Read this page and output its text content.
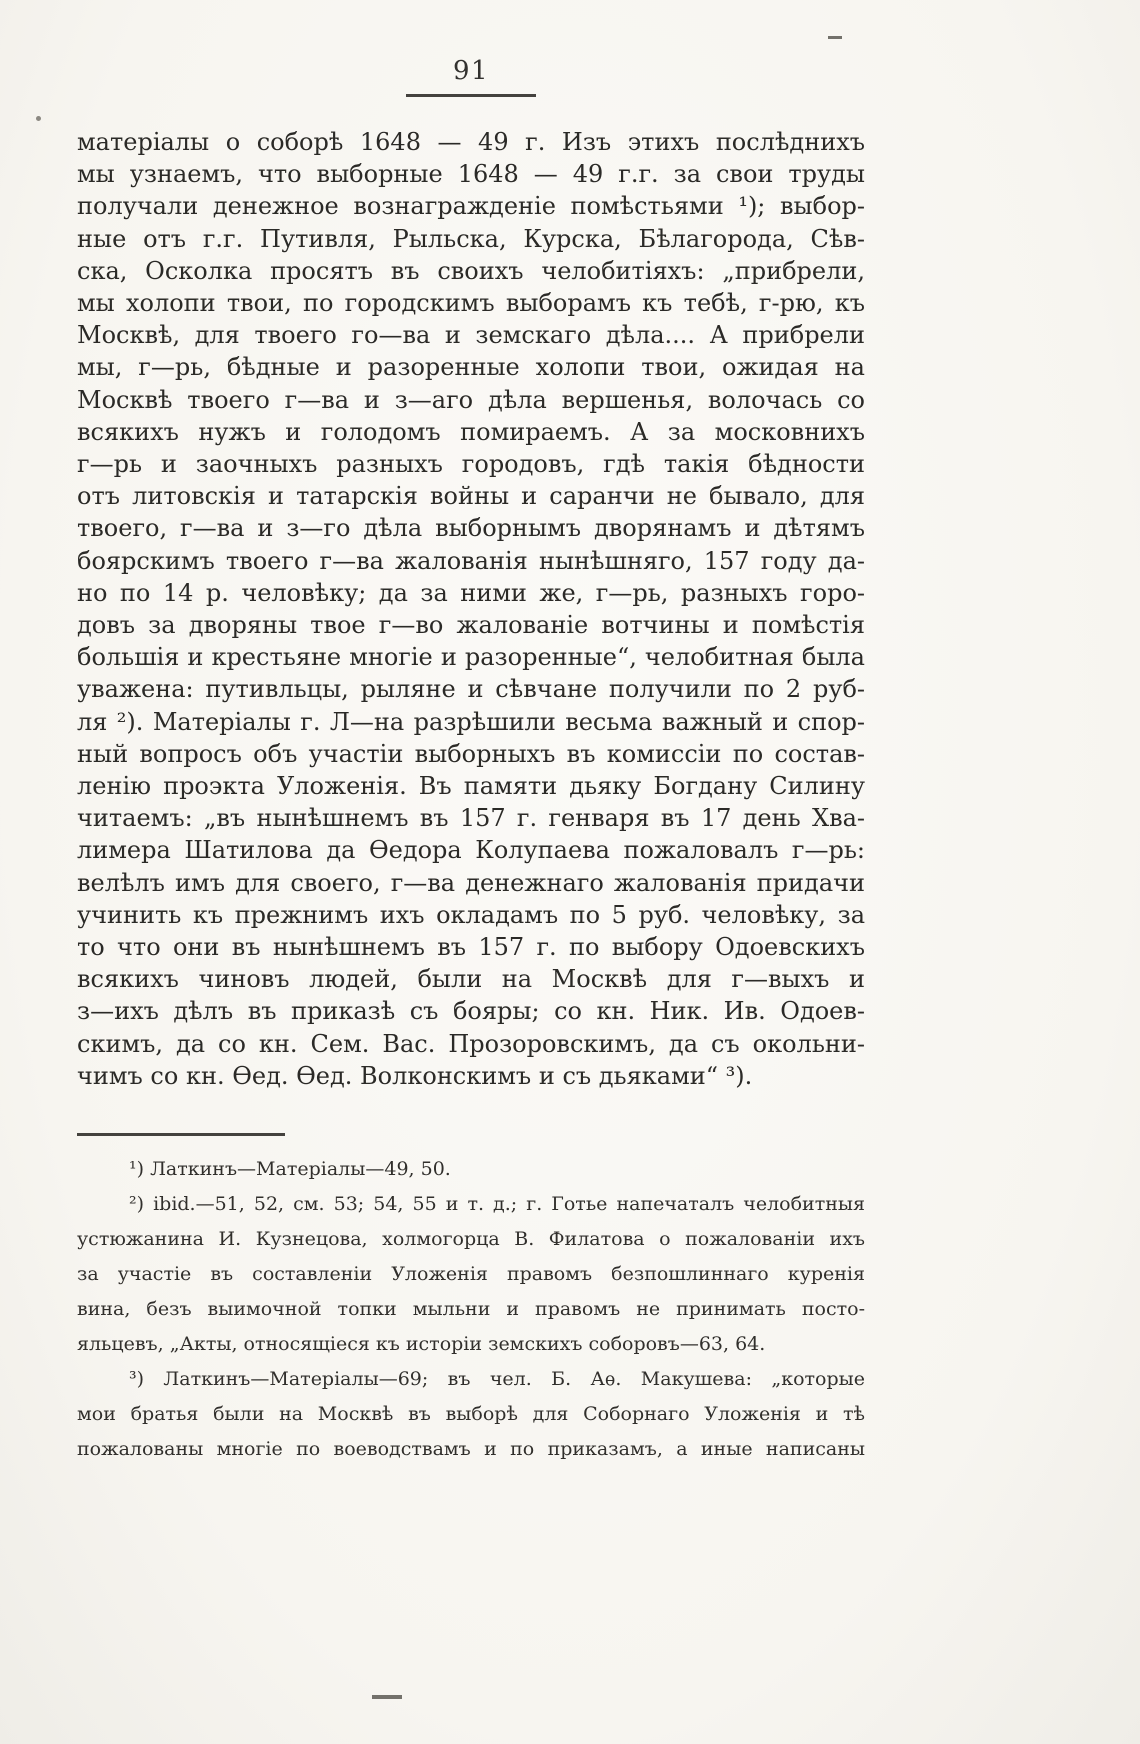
91
матеріалы о соборѣ 1648 — 49 г. Изъ этихъ послѣднихъ
мы узнаемъ, что выборные 1648 — 49 г.г. за свои труды
получали денежное вознагражденіе помѣстьями ¹); выбор-
ные отъ г.г. Путивля, Рыльска, Курска, Бѣлагорода, Сѣв-
ска, Осколка просятъ въ своихъ челобитіяхъ: „прибрели,
мы холопи твои, по городскимъ выборамъ къ тебѣ, г-рю, къ
Москвѣ, для твоего го—ва и земскаго дѣла.... А прибрели
мы, г—рь, бѣдные и разоренные холопи твои, ожидая на
Москвѣ твоего г—ва и з—аго дѣла вершенья, волочась со
всякихъ нужъ и голодомъ помираемъ. А за московнихъ
г—рь и заочныхъ разныхъ городовъ, гдѣ такія бѣдности
отъ литовскія и татарскія войны и саранчи не бывало, для
твоего, г—ва и з—го дѣла выборнымъ дворянамъ и дѣтямъ
боярскимъ твоего г—ва жалованія нынѣшняго, 157 году да-
но по 14 р. человѣку; да за ними же, г—рь, разныхъ горо-
довъ за дворяны твое г—во жалованіе вотчины и помѣстія
большія и крестьяне многіе и разоренные“, челобитная была
уважена: путивльцы, рыляне и сѣвчане получили по 2 руб-
ля ²). Матеріалы г. Л—на разрѣшили весьма важный и спор-
ный вопросъ объ участіи выборныхъ въ комиссіи по состав-
ленію проэкта Уложенія. Въ памяти дьяку Богдану Силину
читаемъ: „въ нынѣшнемъ въ 157 г. генваря въ 17 день Хва-
лимера Шатилова да Ѳедора Колупаева пожаловалъ г—рь:
велѣлъ имъ для своего, г—ва денежнаго жалованія придачи
учинить къ прежнимъ ихъ окладамъ по 5 руб. человѣку, за
то что они въ нынѣшнемъ въ 157 г. по выбору Одоевскихъ
всякихъ чиновъ людей, были на Москвѣ для г—выхъ и
з—ихъ дѣлъ въ приказѣ съ бояры; со кн. Ник. Ив. Одоев-
скимъ, да со кн. Сем. Вас. Прозоровскимъ, да съ окольни-
чимъ со кн. Ѳед. Ѳед. Волконскимъ и съ дьяками“ ³).
¹) Латкинъ—Матеріалы—49, 50.
²) ibid.—51, 52, см. 53; 54, 55 и т. д.; г. Готье напечаталъ челобитныя
устюжанина И. Кузнецова, холмогорца В. Филатова о пожалованіи ихъ
за участіе въ составленіи Уложенія правомъ безпошлиннаго куренія
вина, безъ выимочной топки мыльни и правомъ не принимать посто-
яльцевъ, „Акты, относящіеся къ исторіи земскихъ соборовъ—63, 64.
³) Латкинъ—Матеріалы—69; въ чел. Б. Аѳ. Макушева: „которые
мои братья были на Москвѣ въ выборѣ для Соборнаго Уложенія и тѣ
пожалованы многіе по воеводствамъ и по приказамъ, а иные написаны
